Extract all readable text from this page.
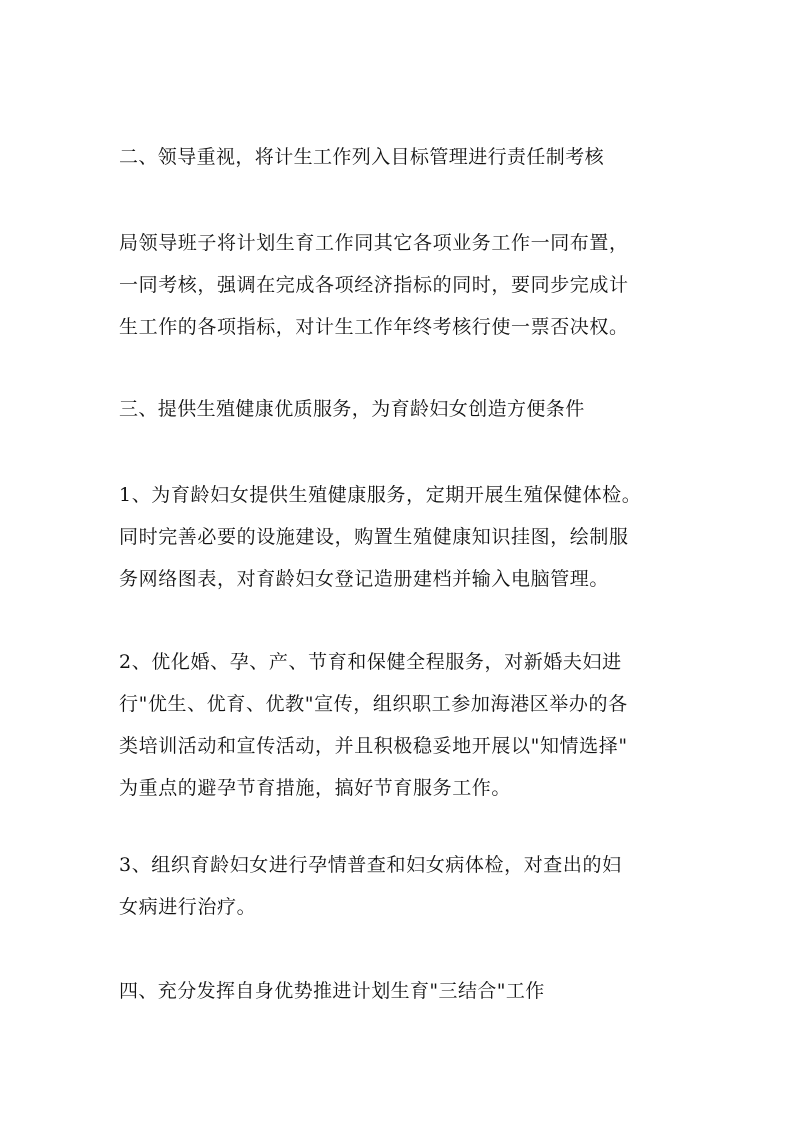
二、领导重视，将计生工作列入目标管理进行责任制考核
局领导班子将计划生育工作同其它各项业务工作一同布置，
一同考核，强调在完成各项经济指标的同时，要同步完成计
生工作的各项指标，对计生工作年终考核行使一票否决权。
三、提供生殖健康优质服务，为育龄妇女创造方便条件
1、为育龄妇女提供生殖健康服务，定期开展生殖保健体检。
同时完善必要的设施建设，购置生殖健康知识挂图，绘制服
务网络图表，对育龄妇女登记造册建档并输入电脑管理。
2、优化婚、孕、产、节育和保健全程服务，对新婚夫妇进
行"优生、优育、优教"宣传，组织职工参加海港区举办的各
类培训活动和宣传活动，并且积极稳妥地开展以"知情选择"
为重点的避孕节育措施，搞好节育服务工作。
3、组织育龄妇女进行孕情普查和妇女病体检，对查出的妇
女病进行治疗。
四、充分发挥自身优势推进计划生育"三结合"工作
